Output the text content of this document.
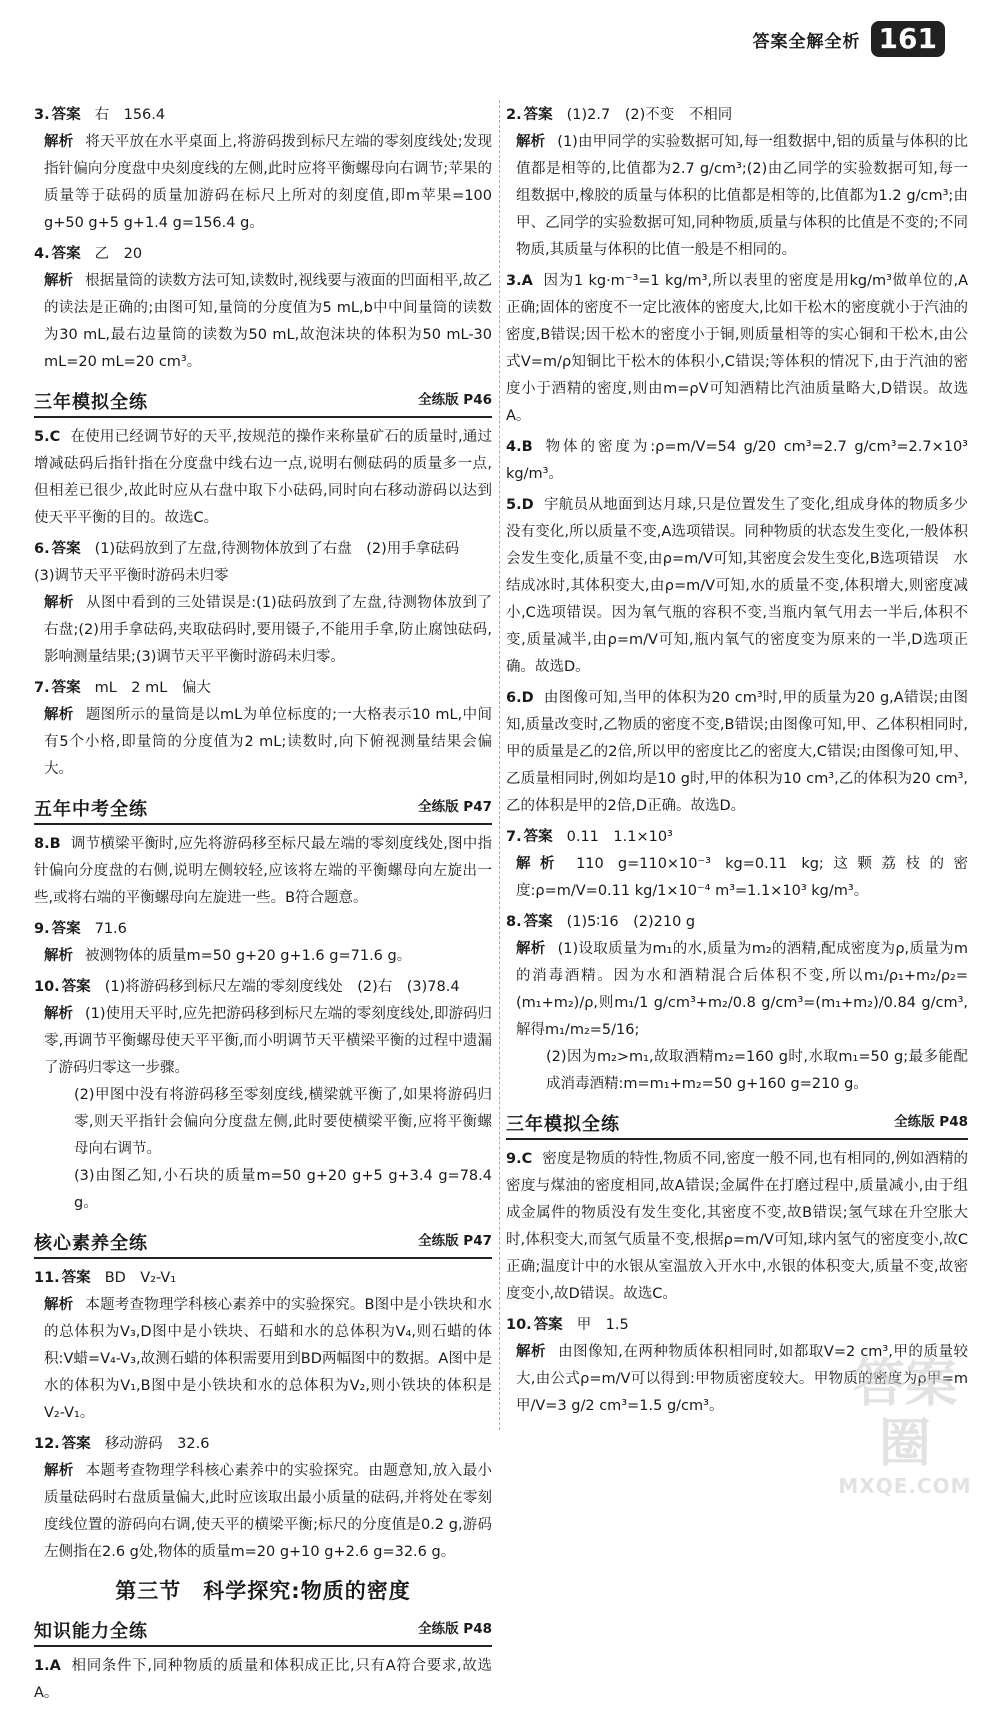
答案全解全析 161
3. 答案 右　156.4
解析 将天平放在水平桌面上,将游码拨到标尺左端的零刻度线处;发现指针偏向分度盘中央刻度线的左侧,此时应将平衡螺母向右调节;苹果的质量等于砝码的质量加游码在标尺上所对的刻度值,即m苹果=100 g+50 g+5 g+1.4 g=156.4 g。
4. 答案 乙　20
解析 根据量筒的读数方法可知,读数时,视线要与液面的凹面相平,故乙的读法是正确的;由图可知,量筒的分度值为5 mL,b中中间量筒的读数为30 mL,最右边量筒的读数为50 mL,故泡沫块的体积为50 mL-30 mL=20 mL=20 cm³。
三年模拟全练	全练版 P46
5.C 在使用已经调节好的天平,按规范的操作来称量矿石的质量时,通过增减砝码后指针指在分度盘中线右边一点,说明右侧砝码的质量多一点,但相差已很少,故此时应从右盘中取下小砝码,同时向右移动游码以达到使天平平衡的目的。故选C。
6. 答案 (1)砝码放到了左盘,待测物体放到了右盘　(2)用手拿砝码　(3)调节天平平衡时游码未归零
解析 从图中看到的三处错误是:(1)砝码放到了左盘,待测物体放到了右盘;(2)用手拿砝码,夹取砝码时,要用镊子,不能用手拿,防止腐蚀砝码,影响测量结果;(3)调节天平平衡时游码未归零。
7. 答案 mL　2 mL　偏大
解析 题图所示的量筒是以mL为单位标度的;一大格表示10 mL,中间有5个小格,即量筒的分度值为2 mL;读数时,向下俯视测量结果会偏大。
五年中考全练	全练版 P47
8.B 调节横梁平衡时,应先将游码移至标尺最左端的零刻度线处,图中指针偏向分度盘的右侧,说明左侧较轻,应该将左端的平衡螺母向左旋出一些,或将右端的平衡螺母向左旋进一些。B符合题意。
9. 答案 71.6
解析 被测物体的质量m=50 g+20 g+1.6 g=71.6 g。
10. 答案 (1)将游码移到标尺左端的零刻度线处　(2)右　(3)78.4
解析 (1)使用天平时,应先把游码移到标尺左端的零刻度线处,即游码归零,再调节平衡螺母使天平平衡,而小明调节天平横梁平衡的过程中遗漏了游码归零这一步骤。
(2)甲图中没有将游码移至零刻度线,横梁就平衡了,如果将游码归零,则天平指针会偏向分度盘左侧,此时要使横梁平衡,应将平衡螺母向右调节。
(3)由图乙知,小石块的质量m=50 g+20 g+5 g+3.4 g=78.4 g。
核心素养全练	全练版 P47
11. 答案 BD　V₂-V₁
解析 本题考查物理学科核心素养中的实验探究。B图中是小铁块和水的总体积为V₃,D图中是小铁块、石蜡和水的总体积为V₄,则石蜡的体积:V蜡=V₄-V₃,故测石蜡的体积需要用到BD两幅图中的数据。A图中是水的体积为V₁,B图中是小铁块和水的总体积为V₂,则小铁块的体积是V₂-V₁。
12. 答案 移动游码　32.6
解析 本题考查物理学科核心素养中的实验探究。由题意知,放入最小质量砝码时右盘质量偏大,此时应该取出最小质量的砝码,并将处在零刻度线位置的游码向右调,使天平的横梁平衡;标尺的分度值是0.2 g,游码左侧指在2.6 g处,物体的质量m=20 g+10 g+2.6 g=32.6 g。
第三节　科学探究:物质的密度
知识能力全练	全练版 P48
1.A 相同条件下,同种物质的质量和体积成正比,只有A符合要求,故选A。
2. 答案 (1)2.7　(2)不变　不相同
解析 (1)由甲同学的实验数据可知,每一组数据中,铝的质量与体积的比值都是相等的,比值都为2.7 g/cm³;(2)由乙同学的实验数据可知,每一组数据中,橡胶的质量与体积的比值都是相等的,比值都为1.2 g/cm³;由甲、乙同学的实验数据可知,同种物质,质量与体积的比值是不变的;不同物质,其质量与体积的比值一般是不相同的。
3.A 因为1 kg·m⁻³=1 kg/m³,所以表里的密度是用kg/m³做单位的,A正确;固体的密度不一定比液体的密度大,比如干松木的密度就小于汽油的密度,B错误;因干松木的密度小于铜,则质量相等的实心铜和干松木,由公式V=m/ρ知铜比干松木的体积小,C错误;等体积的情况下,由于汽油的密度小于酒精的密度,则由m=ρV可知酒精比汽油质量略大,D错误。故选A。
4.B 物体的密度为:ρ=m/V=54 g/20 cm³=2.7 g/cm³=2.7×10³ kg/m³。
5.D 宇航员从地面到达月球,只是位置发生了变化,组成身体的物质多少没有变化,所以质量不变,A选项错误。同种物质的状态发生变化,一般体积会发生变化,质量不变,由ρ=m/V可知,其密度会发生变化,B选项错误　水结成冰时,其体积变大,由ρ=m/V可知,水的质量不变,体积增大,则密度减小,C选项错误。因为氧气瓶的容积不变,当瓶内氧气用去一半后,体积不变,质量减半,由ρ=m/V可知,瓶内氧气的密度变为原来的一半,D选项正确。故选D。
6.D 由图像可知,当甲的体积为20 cm³时,甲的质量为20 g,A错误;由图知,质量改变时,乙物质的密度不变,B错误;由图像可知,甲、乙体积相同时,甲的质量是乙的2倍,所以甲的密度比乙的密度大,C错误;由图像可知,甲、乙质量相同时,例如均是10 g时,甲的体积为10 cm³,乙的体积为20 cm³,乙的体积是甲的2倍,D正确。故选D。
7. 答案 0.11　1.1×10³
解析 110 g=110×10⁻³ kg=0.11 kg;这颗荔枝的密度:ρ=m/V=0.11 kg/1×10⁻⁴ m³=1.1×10³ kg/m³。
8. 答案 (1)5∶16　(2)210 g
解析 (1)设取质量为m₁的水,质量为m₂的酒精,配成密度为ρ,质量为m的消毒酒精。因为水和酒精混合后体积不变,所以m₁/ρ₁+m₂/ρ₂=(m₁+m₂)/ρ,则m₁/1 g/cm³+m₂/0.8 g/cm³=(m₁+m₂)/0.84 g/cm³,解得m₁/m₂=5/16;
(2)因为m₂>m₁,故取酒精m₂=160 g时,水取m₁=50 g;最多能配成消毒酒精:m=m₁+m₂=50 g+160 g=210 g。
三年模拟全练	全练版 P48
9.C 密度是物质的特性,物质不同,密度一般不同,也有相同的,例如酒精的密度与煤油的密度相同,故A错误;金属件在打磨过程中,质量减小,由于组成金属件的物质没有发生变化,其密度不变,故B错误;氢气球在升空胀大时,体积变大,而氢气质量不变,根据ρ=m/V可知,球内氢气的密度变小,故C正确;温度计中的水银从室温放入开水中,水银的体积变大,质量不变,故密度变小,故D错误。故选C。
10. 答案 甲　1.5
解析 由图像知,在两种物质体积相同时,如都取V=2 cm³,甲的质量较大,由公式ρ=m/V可以得到:甲物质密度较大。甲物质的密度为ρ甲=m甲/V=3 g/2 cm³=1.5 g/cm³。	答案圈
MXQE.COM
